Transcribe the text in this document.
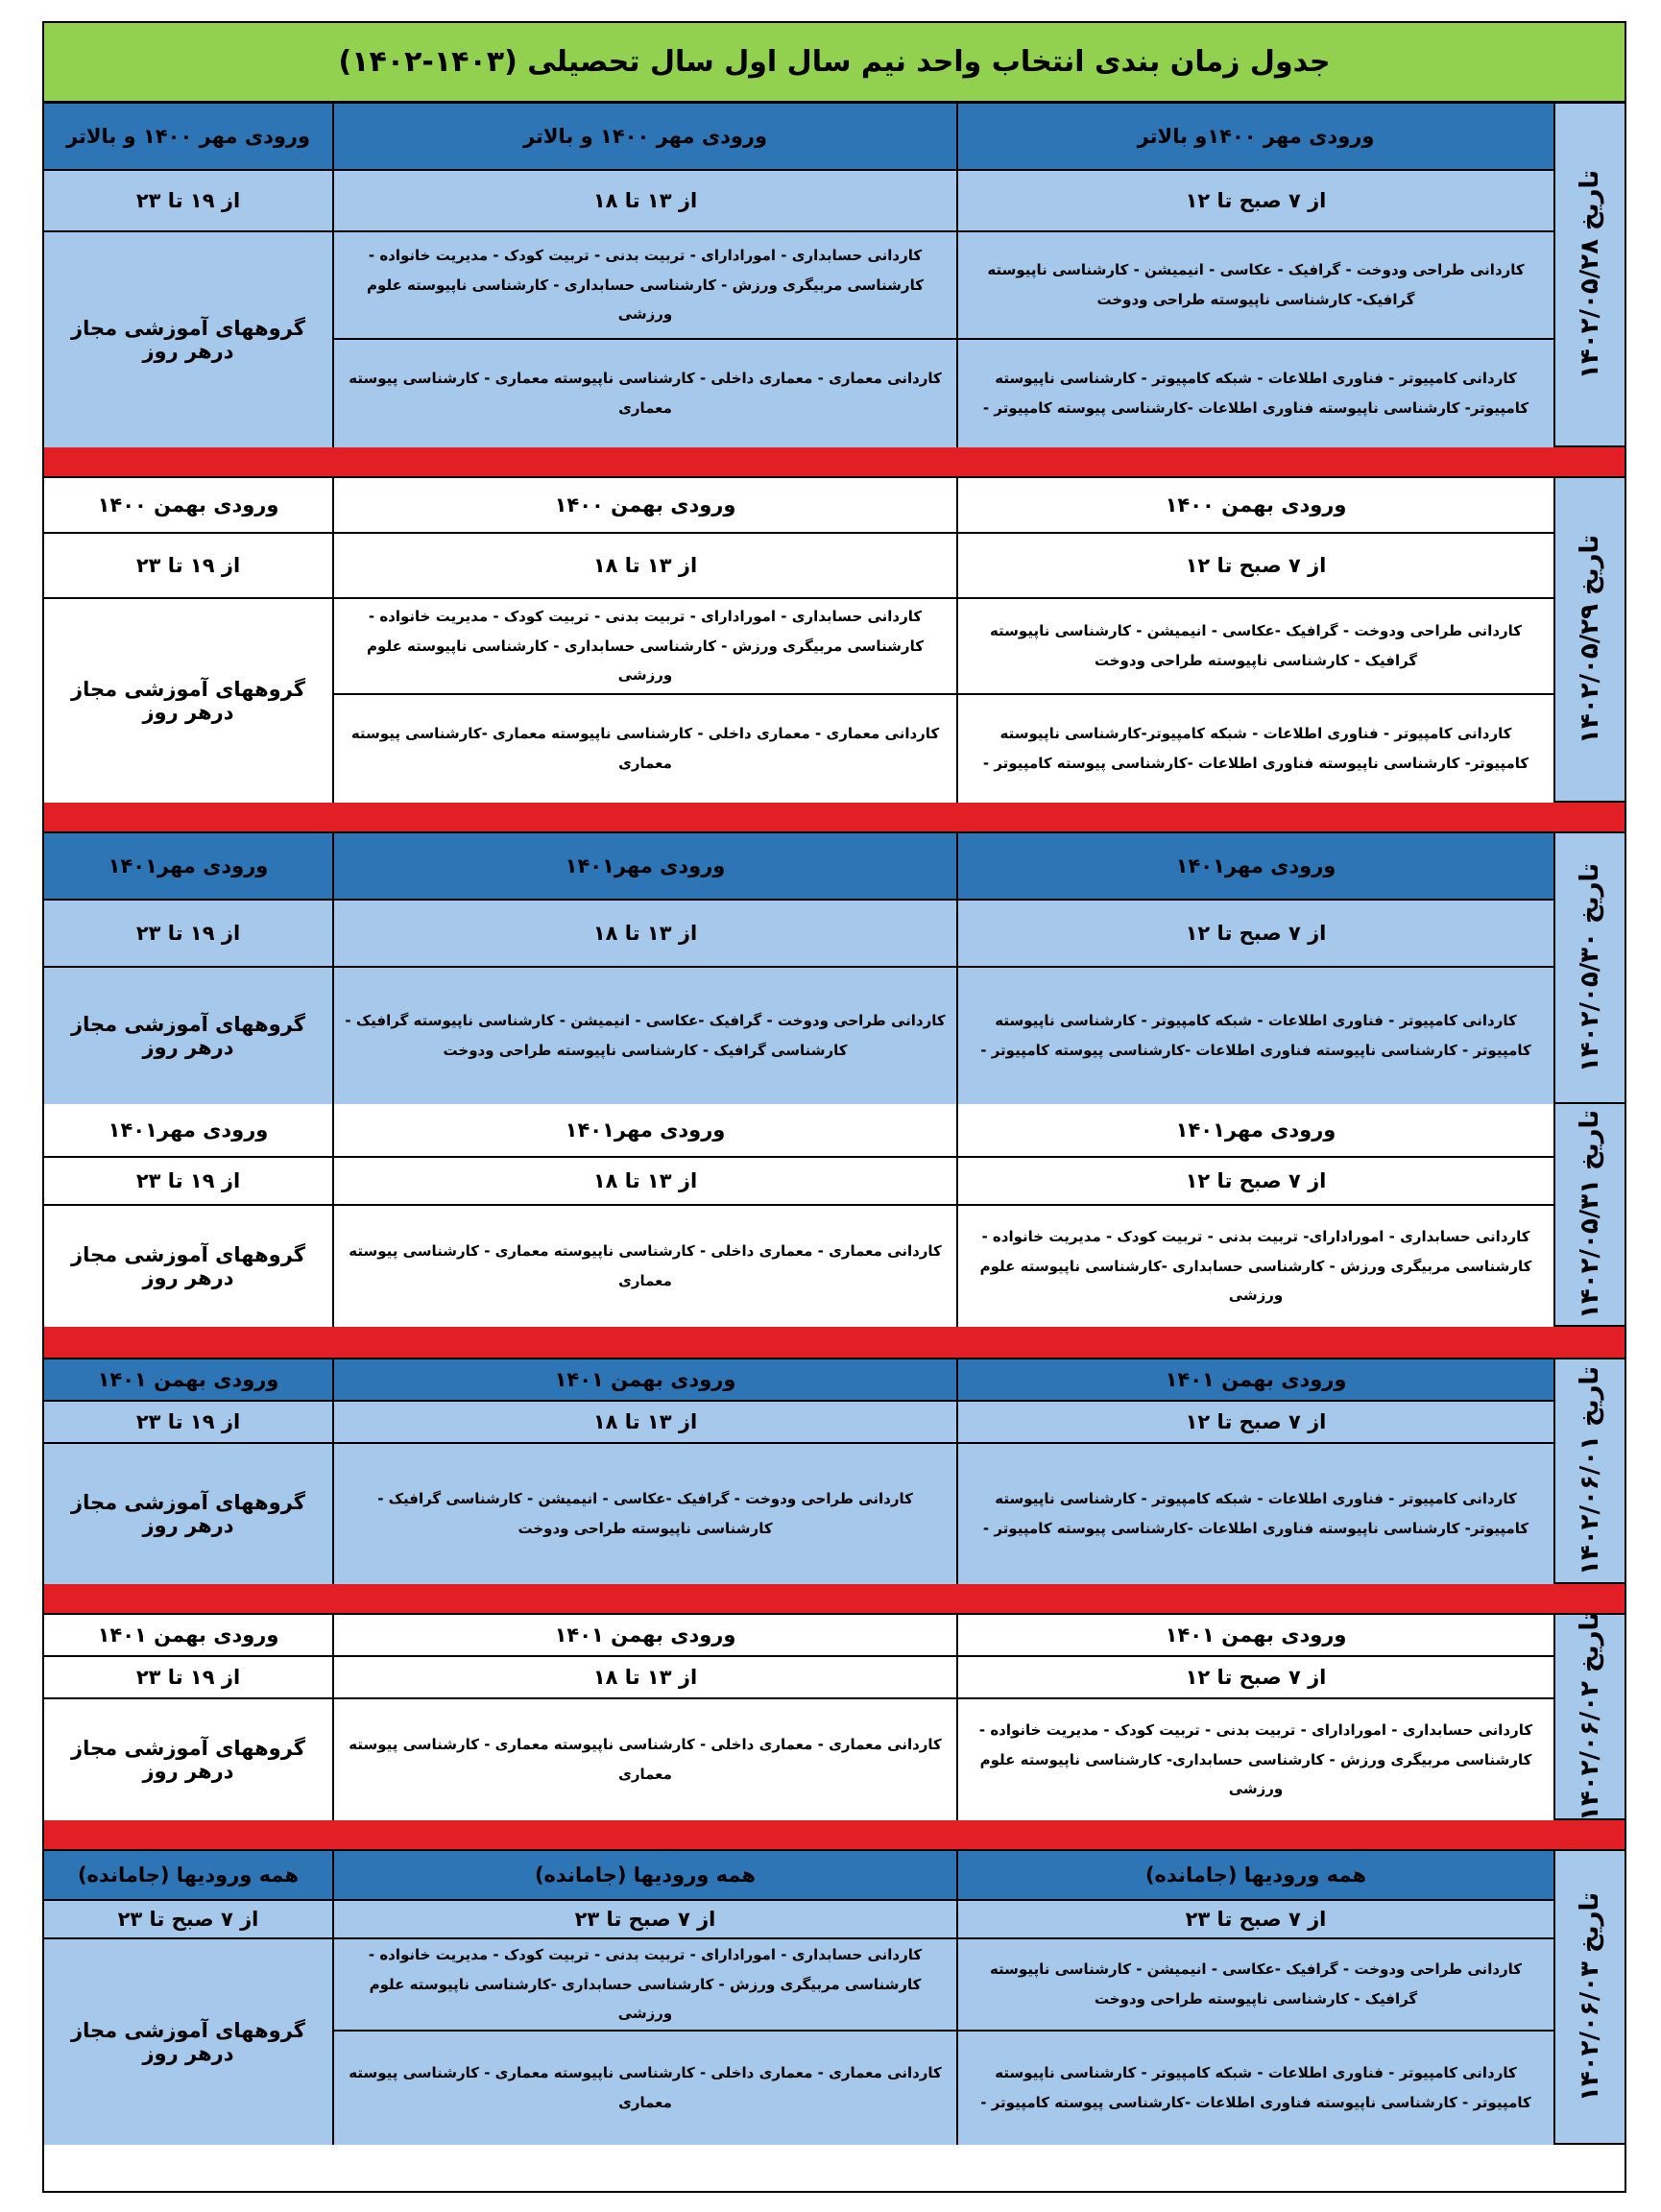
جدول زمان بندی انتخاب واحد نیم سال اول سال تحصیلی (۱۴۰۳-۱۴۰۲)
تاریخ ۱۴۰۲/۰۵/۲۸
ورودی مهر ۱۴۰۰و بالاتر
ورودی مهر ۱۴۰۰ و بالاتر
ورودی مهر ۱۴۰۰ و بالاتر
از ۷ صبح تا ۱۲
از ۱۳ تا ۱۸
از ۱۹ تا ۲۳
کاردانی طراحی ودوخت - گرافیک - عکاسی - انیمیشن - کارشناسی ناپیوسته گرافیک- کارشناسی ناپیوسته طراحی ودوخت
کاردانی حسابداری - امورادارای - تربیت بدنی - تربیت کودک - مدیریت خانواده - کارشناسی مربیگری ورزش - کارشناسی حسابداری - کارشناسی ناپیوسته علوم ورزشی
گروههای آموزشی مجاز درهر روز
کاردانی کامپیوتر - فناوری اطلاعات - شبکه کامپیوتر - کارشناسی ناپیوسته کامپیوتر- کارشناسی ناپیوسته فناوری اطلاعات -کارشناسی پیوسته کامپیوتر -
کاردانی معماری - معماری داخلی - کارشناسی ناپیوسته معماری - کارشناسی پیوسته معماری
تاریخ ۱۴۰۲/۰۵/۲۹
ورودی بهمن ۱۴۰۰
ورودی بهمن ۱۴۰۰
ورودی بهمن ۱۴۰۰
از ۷ صبح تا ۱۲
از ۱۳ تا ۱۸
از ۱۹ تا ۲۳
کاردانی طراحی ودوخت - گرافیک -عکاسی - انیمیشن - کارشناسی ناپیوسته گرافیک - کارشناسی ناپیوسته طراحی ودوخت
کاردانی حسابداری - امورادارای - تربیت بدنی - تربیت کودک - مدیریت خانواده - کارشناسی مربیگری ورزش - کارشناسی حسابداری - کارشناسی ناپیوسته علوم ورزشی
گروههای آموزشی مجاز درهر روز
کاردانی کامپیوتر - فناوری اطلاعات - شبکه کامپیوتر-کارشناسی ناپیوسته کامپیوتر- کارشناسی ناپیوسته فناوری اطلاعات -کارشناسی پیوسته کامپیوتر -
کاردانی معماری - معماری داخلی - کارشناسی ناپیوسته معماری -کارشناسی پیوسته معماری
تاریخ ۱۴۰۲/۰۵/۳۰
ورودی مهر۱۴۰۱
ورودی مهر۱۴۰۱
ورودی مهر۱۴۰۱
از ۷ صبح تا ۱۲
از ۱۳ تا ۱۸
از ۱۹ تا ۲۳
کاردانی کامپیوتر - فناوری اطلاعات - شبکه کامپیوتر - کارشناسی ناپیوسته کامپیوتر - کارشناسی ناپیوسته فناوری اطلاعات -کارشناسی پیوسته کامپیوتر -
کاردانی طراحی ودوخت - گرافیک -عکاسی - انیمیشن - کارشناسی ناپیوسته گرافیک - کارشناسی گرافیک - کارشناسی ناپیوسته طراحی ودوخت
گروههای آموزشی مجاز درهر روز
تاریخ ۱۴۰۲/۰۵/۳۱
ورودی مهر۱۴۰۱
ورودی مهر۱۴۰۱
ورودی مهر۱۴۰۱
از ۷ صبح تا ۱۲
از ۱۳ تا ۱۸
از ۱۹ تا ۲۳
کاردانی حسابداری - امورادارای- تربیت بدنی - تربیت کودک - مدیریت خانواده - کارشناسی مربیگری ورزش - کارشناسی حسابداری -کارشناسی ناپیوسته علوم ورزشی
کاردانی معماری - معماری داخلی - کارشناسی ناپیوسته معماری - کارشناسی پیوسته معماری
گروههای آموزشی مجاز درهر روز
تاریخ ۱۴۰۲/۰۶/۰۱
ورودی بهمن ۱۴۰۱
ورودی بهمن ۱۴۰۱
ورودی بهمن ۱۴۰۱
از ۷ صبح تا ۱۲
از ۱۳ تا ۱۸
از ۱۹ تا ۲۳
کاردانی کامپیوتر - فناوری اطلاعات - شبکه کامپیوتر - کارشناسی ناپیوسته کامپیوتر- کارشناسی ناپیوسته فناوری اطلاعات -کارشناسی پیوسته کامپیوتر -
کاردانی طراحی ودوخت - گرافیک -عکاسی - انیمیشن - کارشناسی گرافیک - کارشناسی ناپیوسته طراحی ودوخت
گروههای آموزشی مجاز درهر روز
تاریخ ۱۴۰۲/۰۶/۰۲
ورودی بهمن ۱۴۰۱
ورودی بهمن ۱۴۰۱
ورودی بهمن ۱۴۰۱
از ۷ صبح تا ۱۲
از ۱۳ تا ۱۸
از ۱۹ تا ۲۳
کاردانی حسابداری - امورادارای - تربیت بدنی - تربیت کودک - مدیریت خانواده - کارشناسی مربیگری ورزش - کارشناسی حسابداری- کارشناسی ناپیوسته علوم ورزشی
کاردانی معماری - معماری داخلی - کارشناسی ناپیوسته معماری - کارشناسی پیوسته معماری
گروههای آموزشی مجاز درهر روز
تاریخ ۱۴۰۲/۰۶/۰۳
همه ورودیها (جامانده)
همه ورودیها (جامانده)
همه ورودیها (جامانده)
از ۷ صبح تا ۲۳
از ۷ صبح تا ۲۳
از ۷ صبح تا ۲۳
کاردانی طراحی ودوخت - گرافیک -عکاسی - انیمیشن - کارشناسی ناپیوسته گرافیک - کارشناسی ناپیوسته طراحی ودوخت
کاردانی حسابداری - امورادارای - تربیت بدنی - تربیت کودک - مدیریت خانواده - کارشناسی مربیگری ورزش - کارشناسی حسابداری -کارشناسی ناپیوسته علوم ورزشی
گروههای آموزشی مجاز درهر روز
کاردانی کامپیوتر - فناوری اطلاعات - شبکه کامپیوتر - کارشناسی ناپیوسته کامپیوتر - کارشناسی ناپیوسته فناوری اطلاعات -کارشناسی پیوسته کامپیوتر -
کاردانی معماری - معماری داخلی - کارشناسی ناپیوسته معماری - کارشناسی پیوسته معماری
